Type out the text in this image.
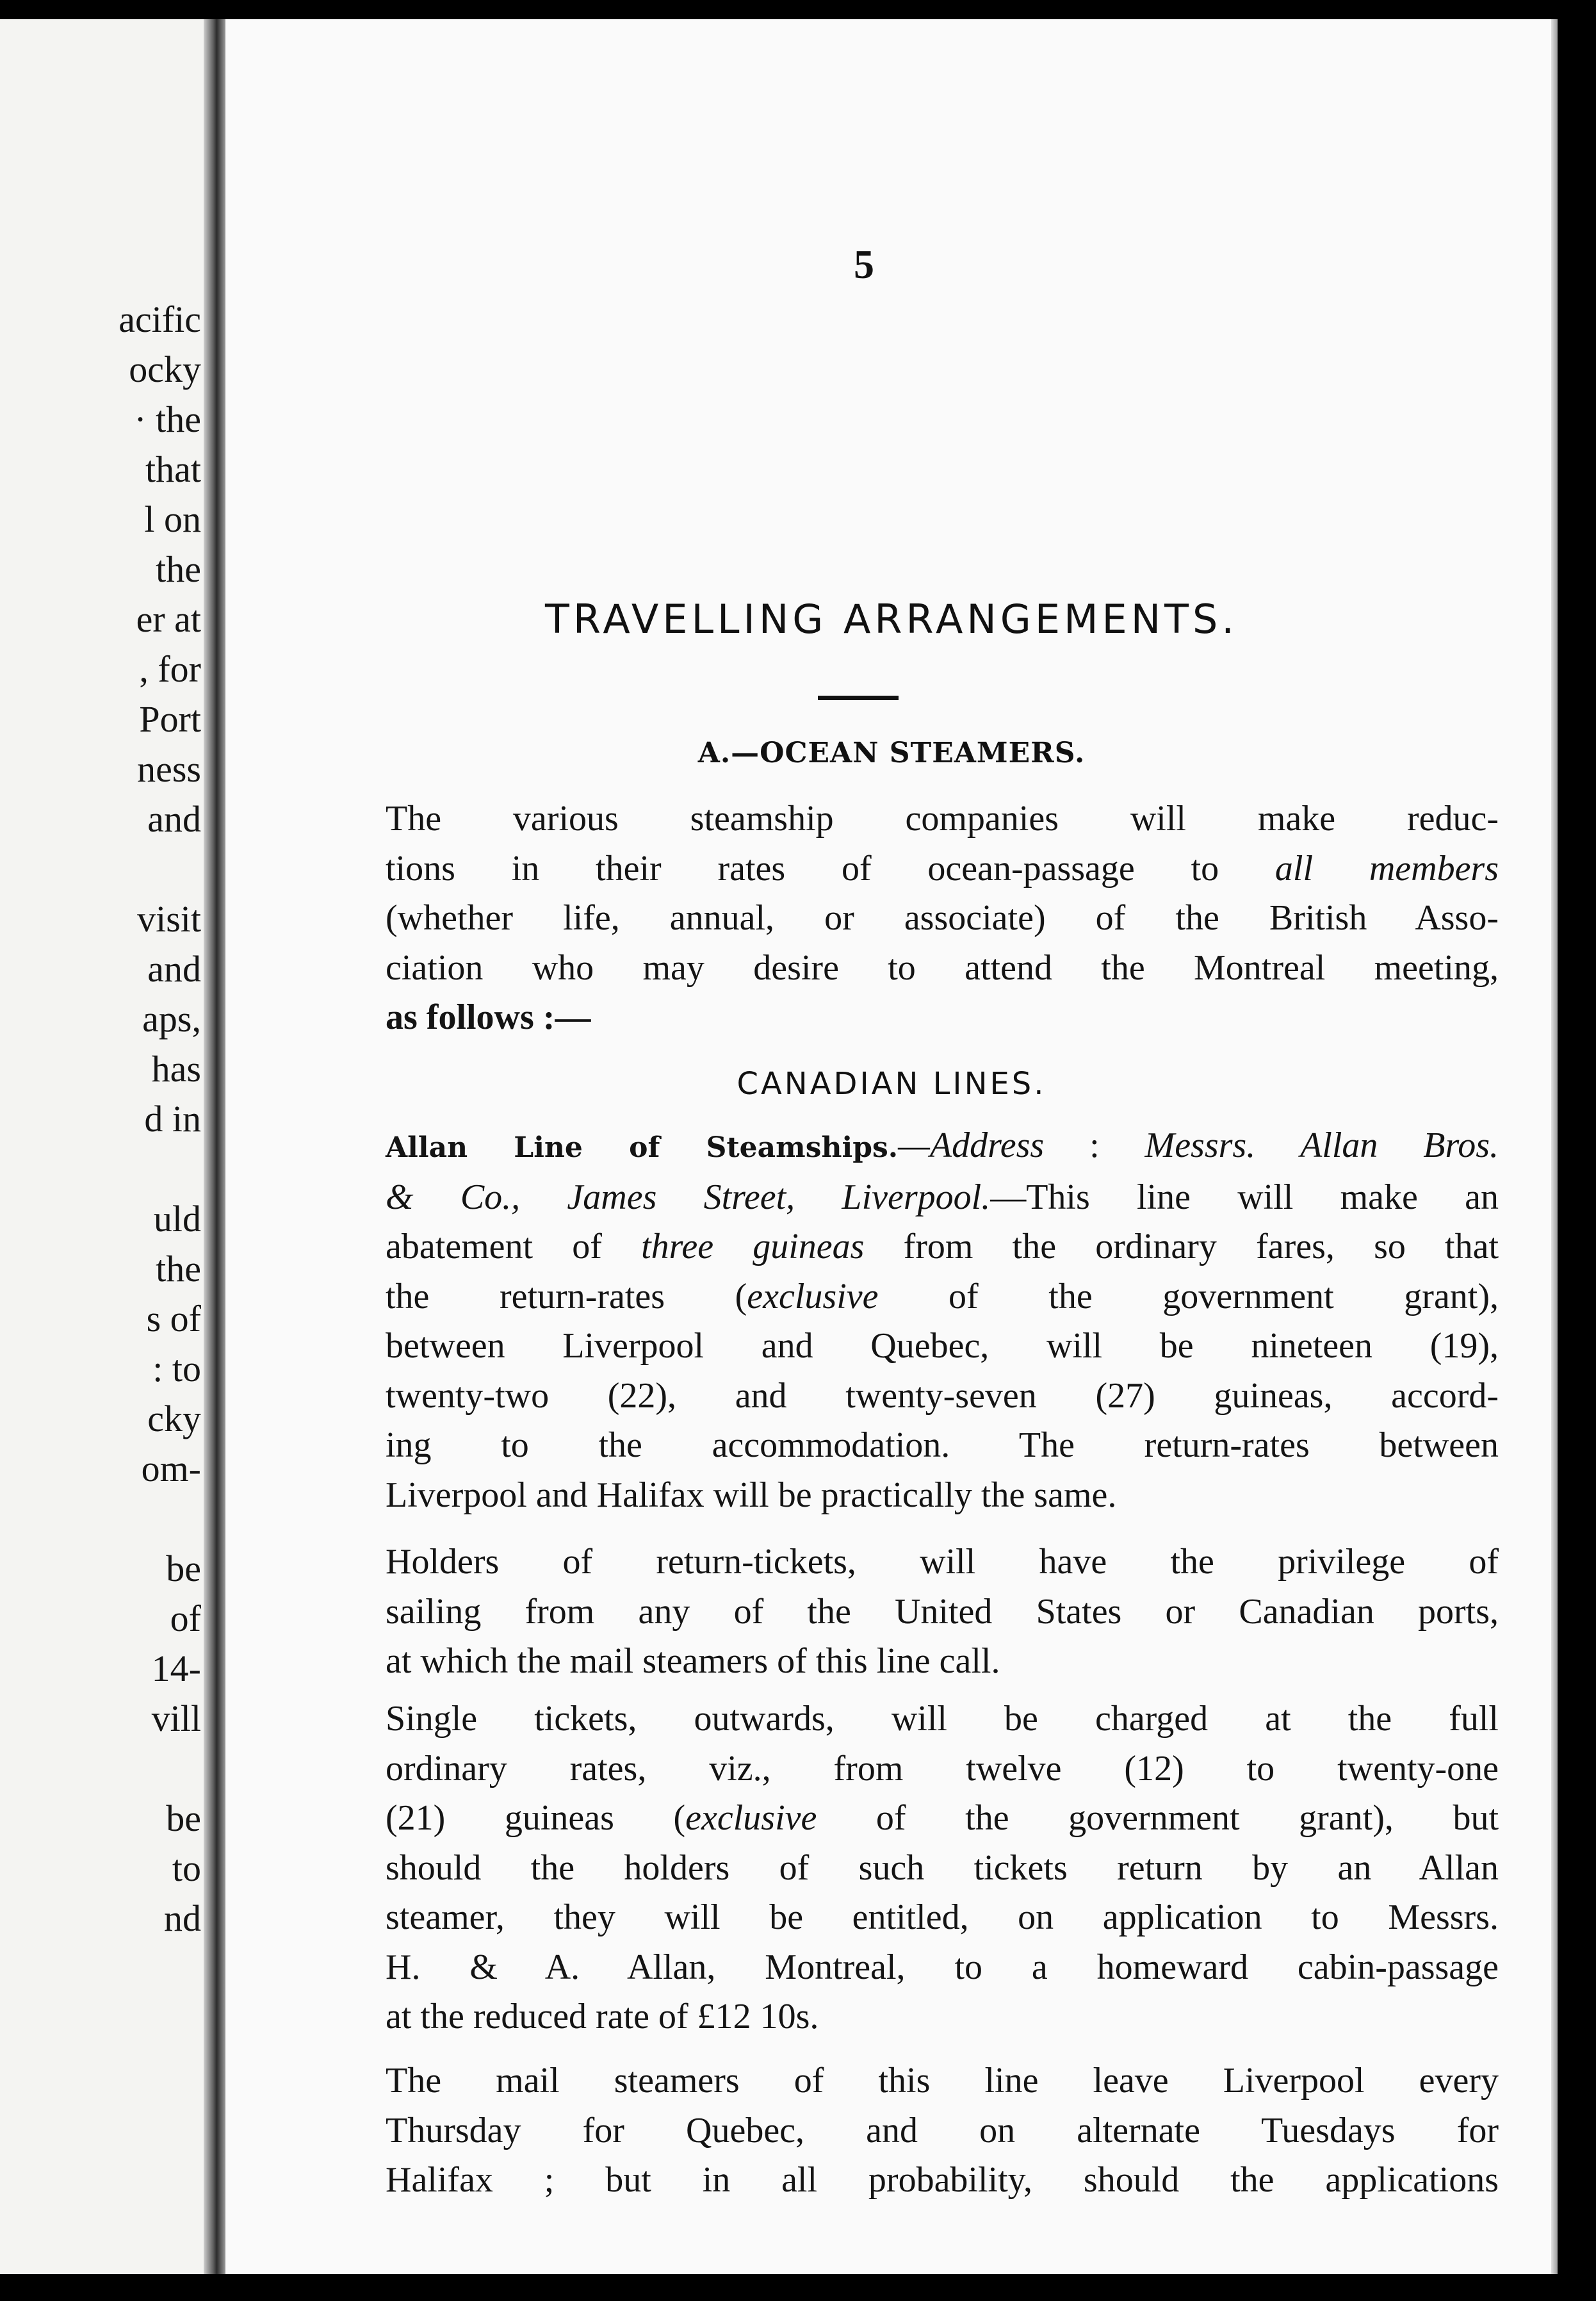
acific
ocky
· the
that
l on
the
er at
, for
Port
ness
and
visit
and
aps,
has
d in
uld
the
s of
: to
cky
om-
be
of
14-
vill
be
to
nd
5
TRAVELLING ARRANGEMENTS.
A.—OCEAN STEAMERS.

The various steamship companies will make reduc-
tions in their rates of ocean-passage to all members
(whether life, annual, or associate) of the British Asso-
ciation who may desire to attend the Montreal meeting,
as follows :—

CANADIAN LINES.

Allan Line of Steamships.—Address : Messrs. Allan Bros.
& Co., James Street, Liverpool.—This line will make an
abatement of three guineas from the ordinary fares, so that
the return-rates (exclusive of the government grant),
between Liverpool and Quebec, will be nineteen (19),
twenty-two (22), and twenty-seven (27) guineas, accord-
ing to the accommodation. The return-rates between
Liverpool and Halifax will be practically the same.

Holders of return-tickets, will have the privilege of
sailing from any of the United States or Canadian ports,
at which the mail steamers of this line call.

Single tickets, outwards, will be charged at the full
ordinary rates, viz., from twelve (12) to twenty-one
(21) guineas (exclusive of the government grant), but
should the holders of such tickets return by an Allan
steamer, they will be entitled, on application to Messrs.
H. & A. Allan, Montreal, to a homeward cabin-passage
at the reduced rate of £12 10s.

The mail steamers of this line leave Liverpool every
Thursday for Quebec, and on alternate Tuesdays for
Halifax ; but in all probability, should the applications
